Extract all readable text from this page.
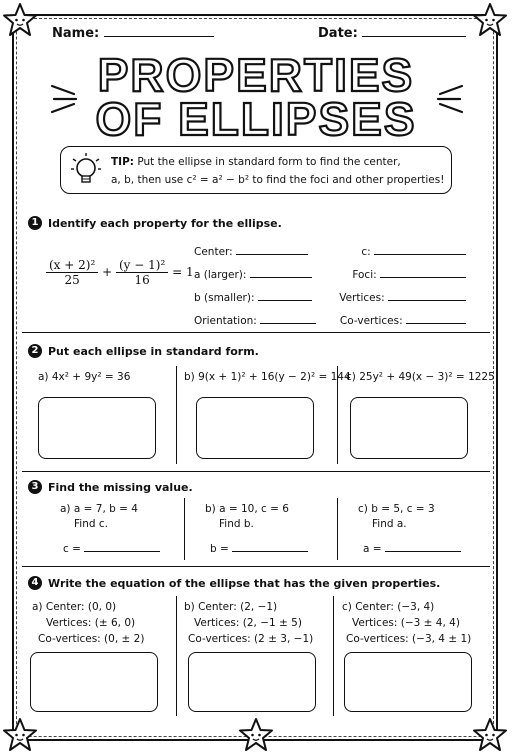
Name:	Date:
PROPERTIES
OF ELLIPSES
TIP: Put the ellipse in standard form to find the center,
a, b, then use c² = a² − b² to find the foci and other properties!
1 Identify each property for the ellipse.
$\frac{\text{(x + 2)²}}{25} + \frac{\text{(y − 1)²}}{16} = 1$
Center:
a (larger):
b (smaller):
Orientation:
c:
Foci:
Vertices:
Co-vertices:
2 Put each ellipse in standard form.
a) 4x² + 9y² = 36	b) 9(x + 1)² + 16(y − 2)² = 144
c) 25y² + 49(x − 3)² = 1225
3 Find the missing value.
a) a = 7, b = 4
Find c.
b) a = 10, c = 6
Find b.
c) b = 5, c = 3
Find a.
c =	b =	a =
4 Write the equation of the ellipse that has the given properties.
a) Center: (0, 0)
Vertices: (± 6, 0)
Co-vertices: (0, ± 2)
b) Center: (2, −1)
Vertices: (2, −1 ± 5)
Co-vertices: (2 ± 3, −1)
c) Center: (−3, 4)
Vertices: (−3 ± 4, 4)
Co-vertices: (−3, 4 ± 1)
